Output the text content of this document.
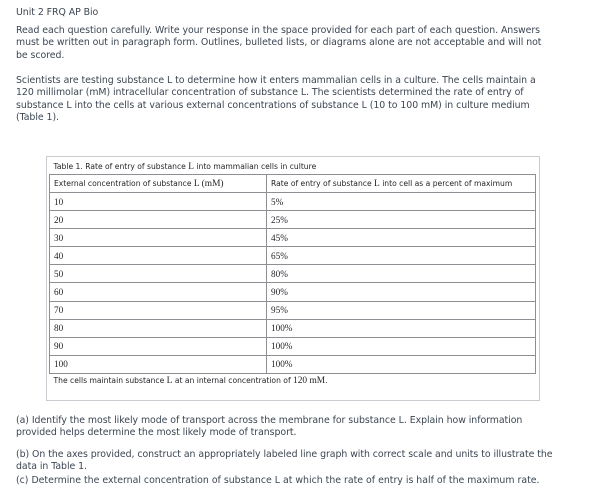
Unit 2 FRQ AP Bio

Read each question carefully. Write your response in the space provided for each part of each question. Answers must be written out in paragraph form. Outlines, bulleted lists, or diagrams alone are not acceptable and will not be scored.

Scientists are testing substance L to determine how it enters mammalian cells in a culture. The cells maintain a 120 millimolar (mM) intracellular concentration of substance L. The scientists determined the rate of entry of substance L into the cells at various external concentrations of substance L (10 to 100 mM) in culture medium (Table 1).

Table 1. Rate of entry of substance L into mammalian cells in culture	
External concentration of substance L (mM)	Rate of entry of substance L into cell as a percent of maximum
10	5%
20	25%
30	45%
40	65%
50	80%
60	90%
70	95%
80	100%
90	100%
100	100%
The cells maintain substance L at an internal concentration of 120 mM.	

(a) Identify the most likely mode of transport across the membrane for substance L. Explain how information provided helps determine the most likely mode of transport.

(b) On the axes provided, construct an appropriately labeled line graph with correct scale and units to illustrate the data in Table 1.

(c) Determine the external concentration of substance L at which the rate of entry is half of the maximum rate.
